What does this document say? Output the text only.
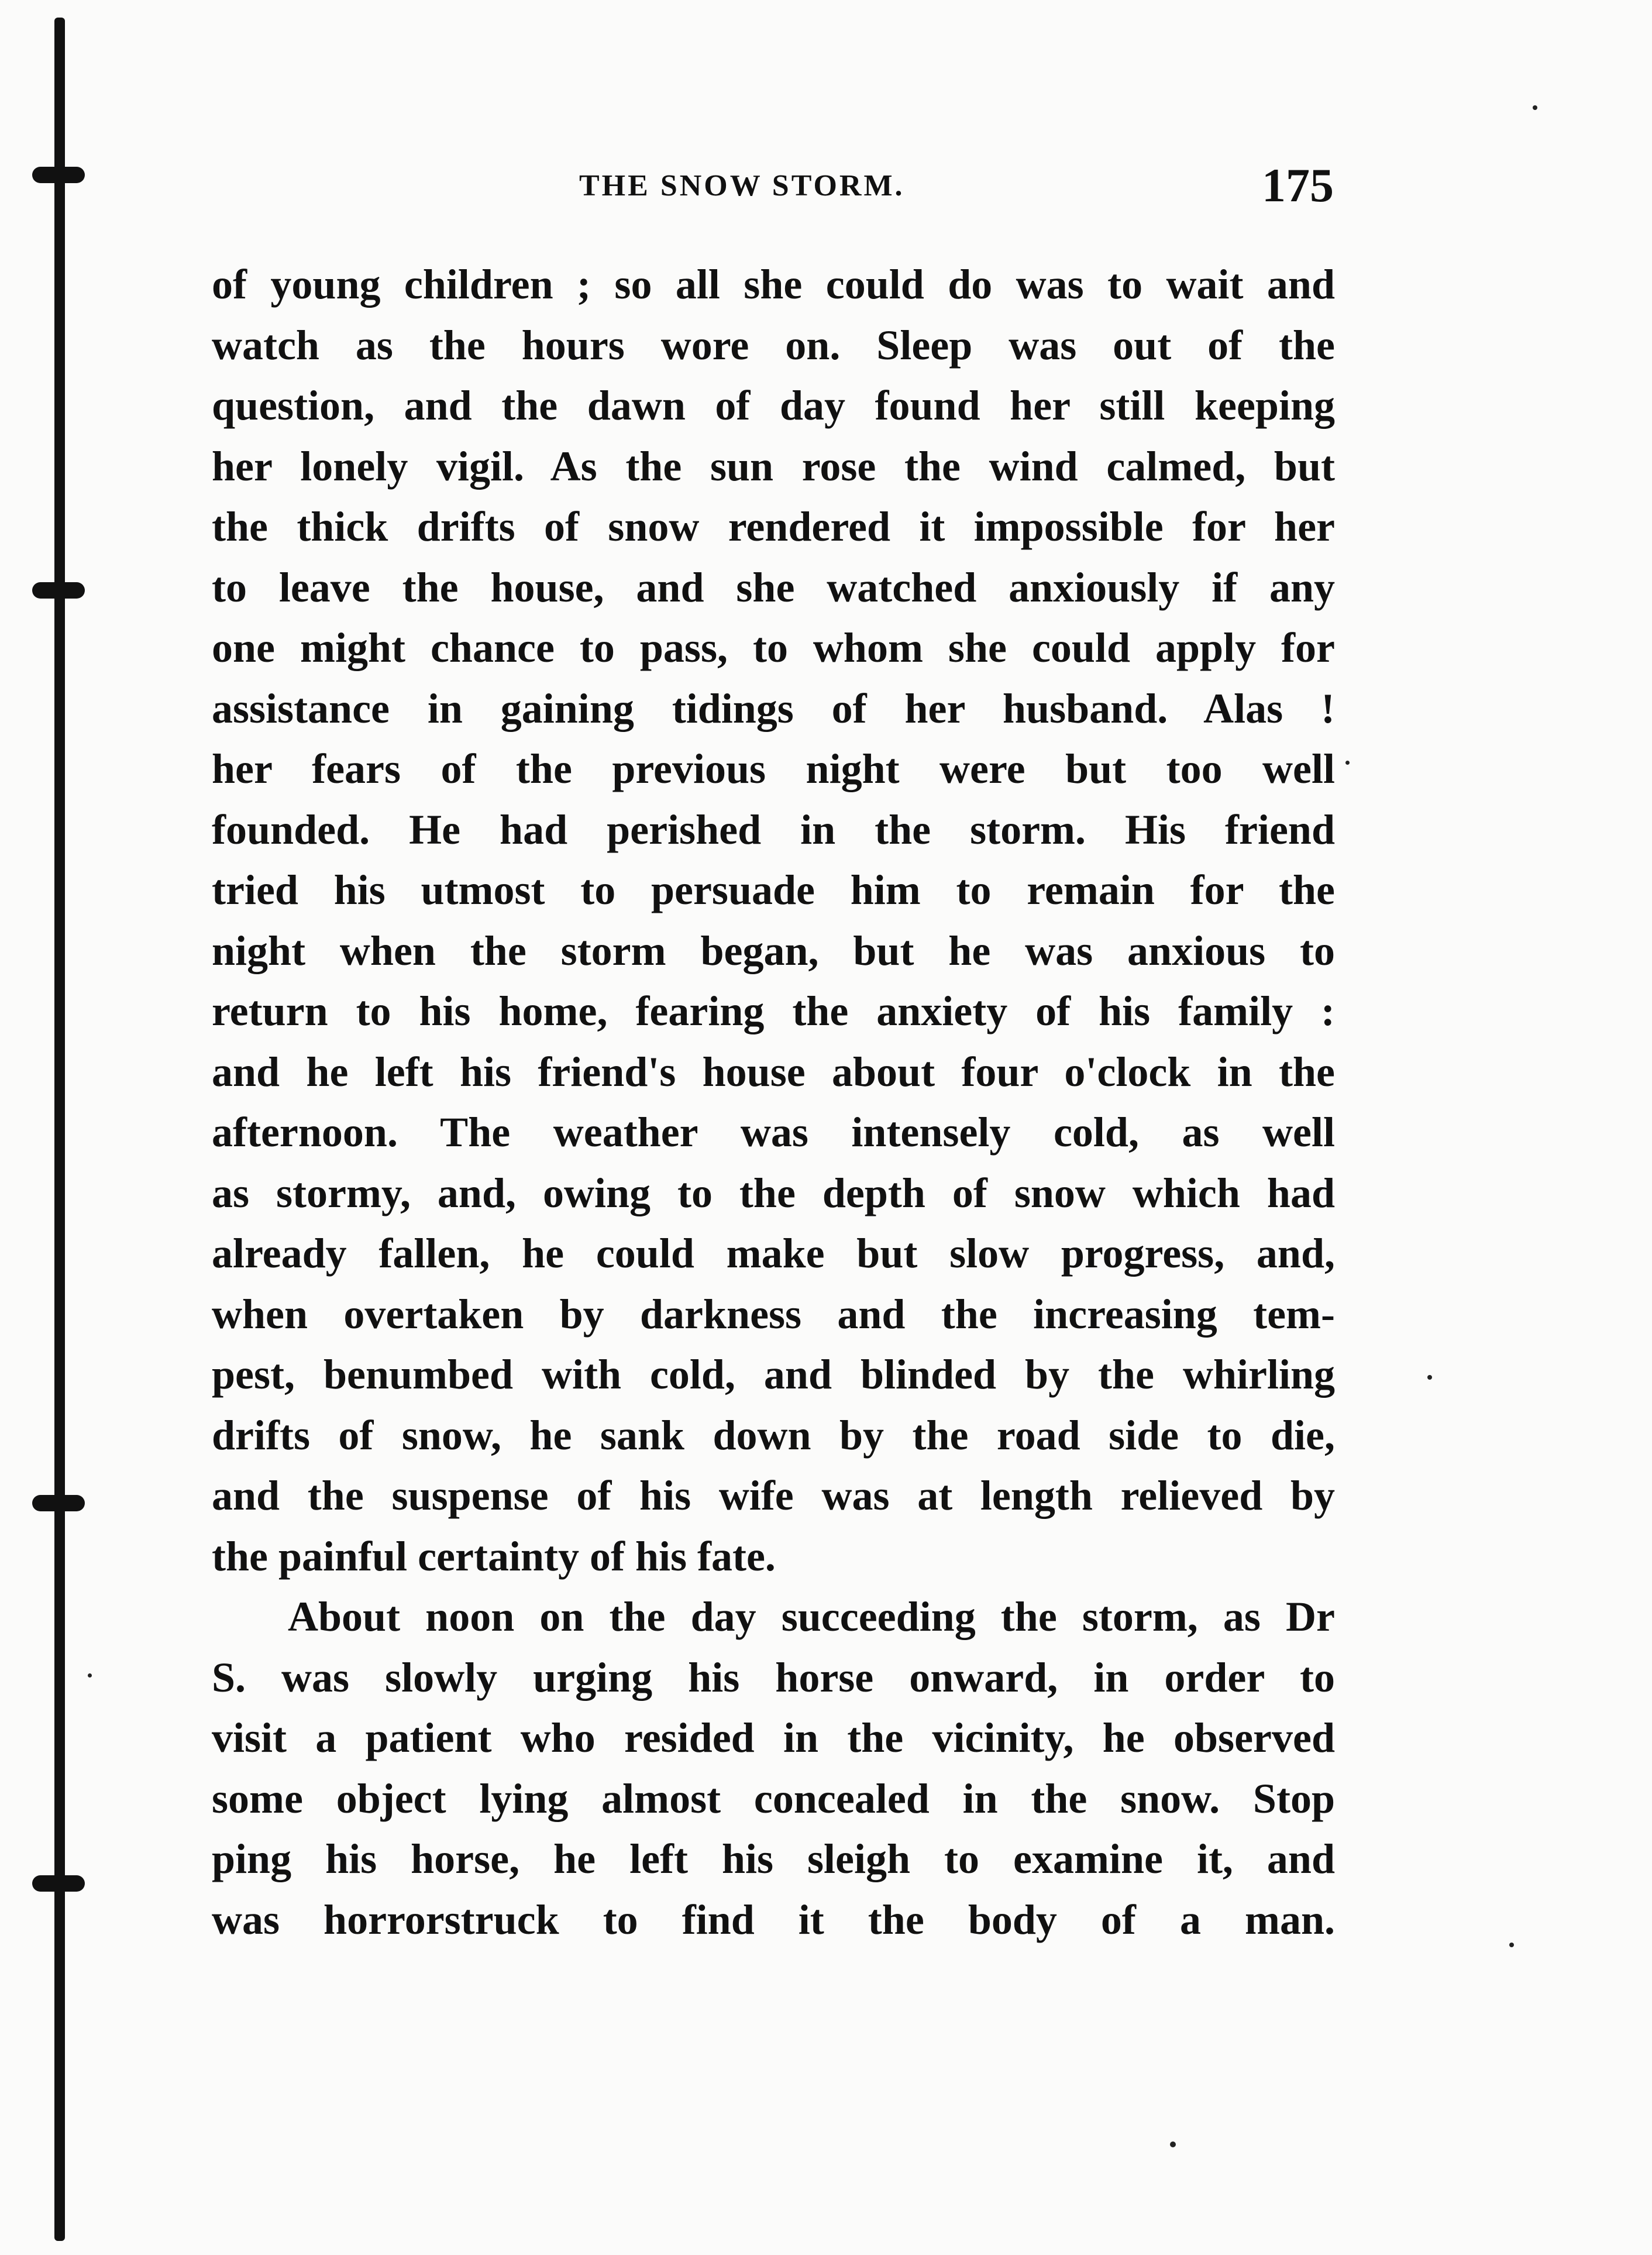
THE SNOW STORM.	175
of young children ; so all she could do was to wait and
watch as the hours wore on. Sleep was out of the
question, and the dawn of day found her still keeping
her lonely vigil. As the sun rose the wind calmed, but
the thick drifts of snow rendered it impossible for her
to leave the house, and she watched anxiously if any
one might chance to pass, to whom she could apply for
assistance in gaining tidings of her husband. Alas !
her fears of the previous night were but too well
founded. He had perished in the storm. His friend
tried his utmost to persuade him to remain for the
night when the storm began, but he was anxious to
return to his home, fearing the anxiety of his family :
and he left his friend's house about four o'clock in the
afternoon. The weather was intensely cold, as well
as stormy, and, owing to the depth of snow which had
already fallen, he could make but slow progress, and,
when overtaken by darkness and the increasing tem-
pest, benumbed with cold, and blinded by the whirling
drifts of snow, he sank down by the road side to die,
and the suspense of his wife was at length relieved by
the painful certainty of his fate.
About noon on the day succeeding the storm, as Dr
S. was slowly urging his horse onward, in order to
visit a patient who resided in the vicinity, he observed
some object lying almost concealed in the snow. Stop
ping his horse, he left his sleigh to examine it, and
was horrorstruck to find it the body of a man.
